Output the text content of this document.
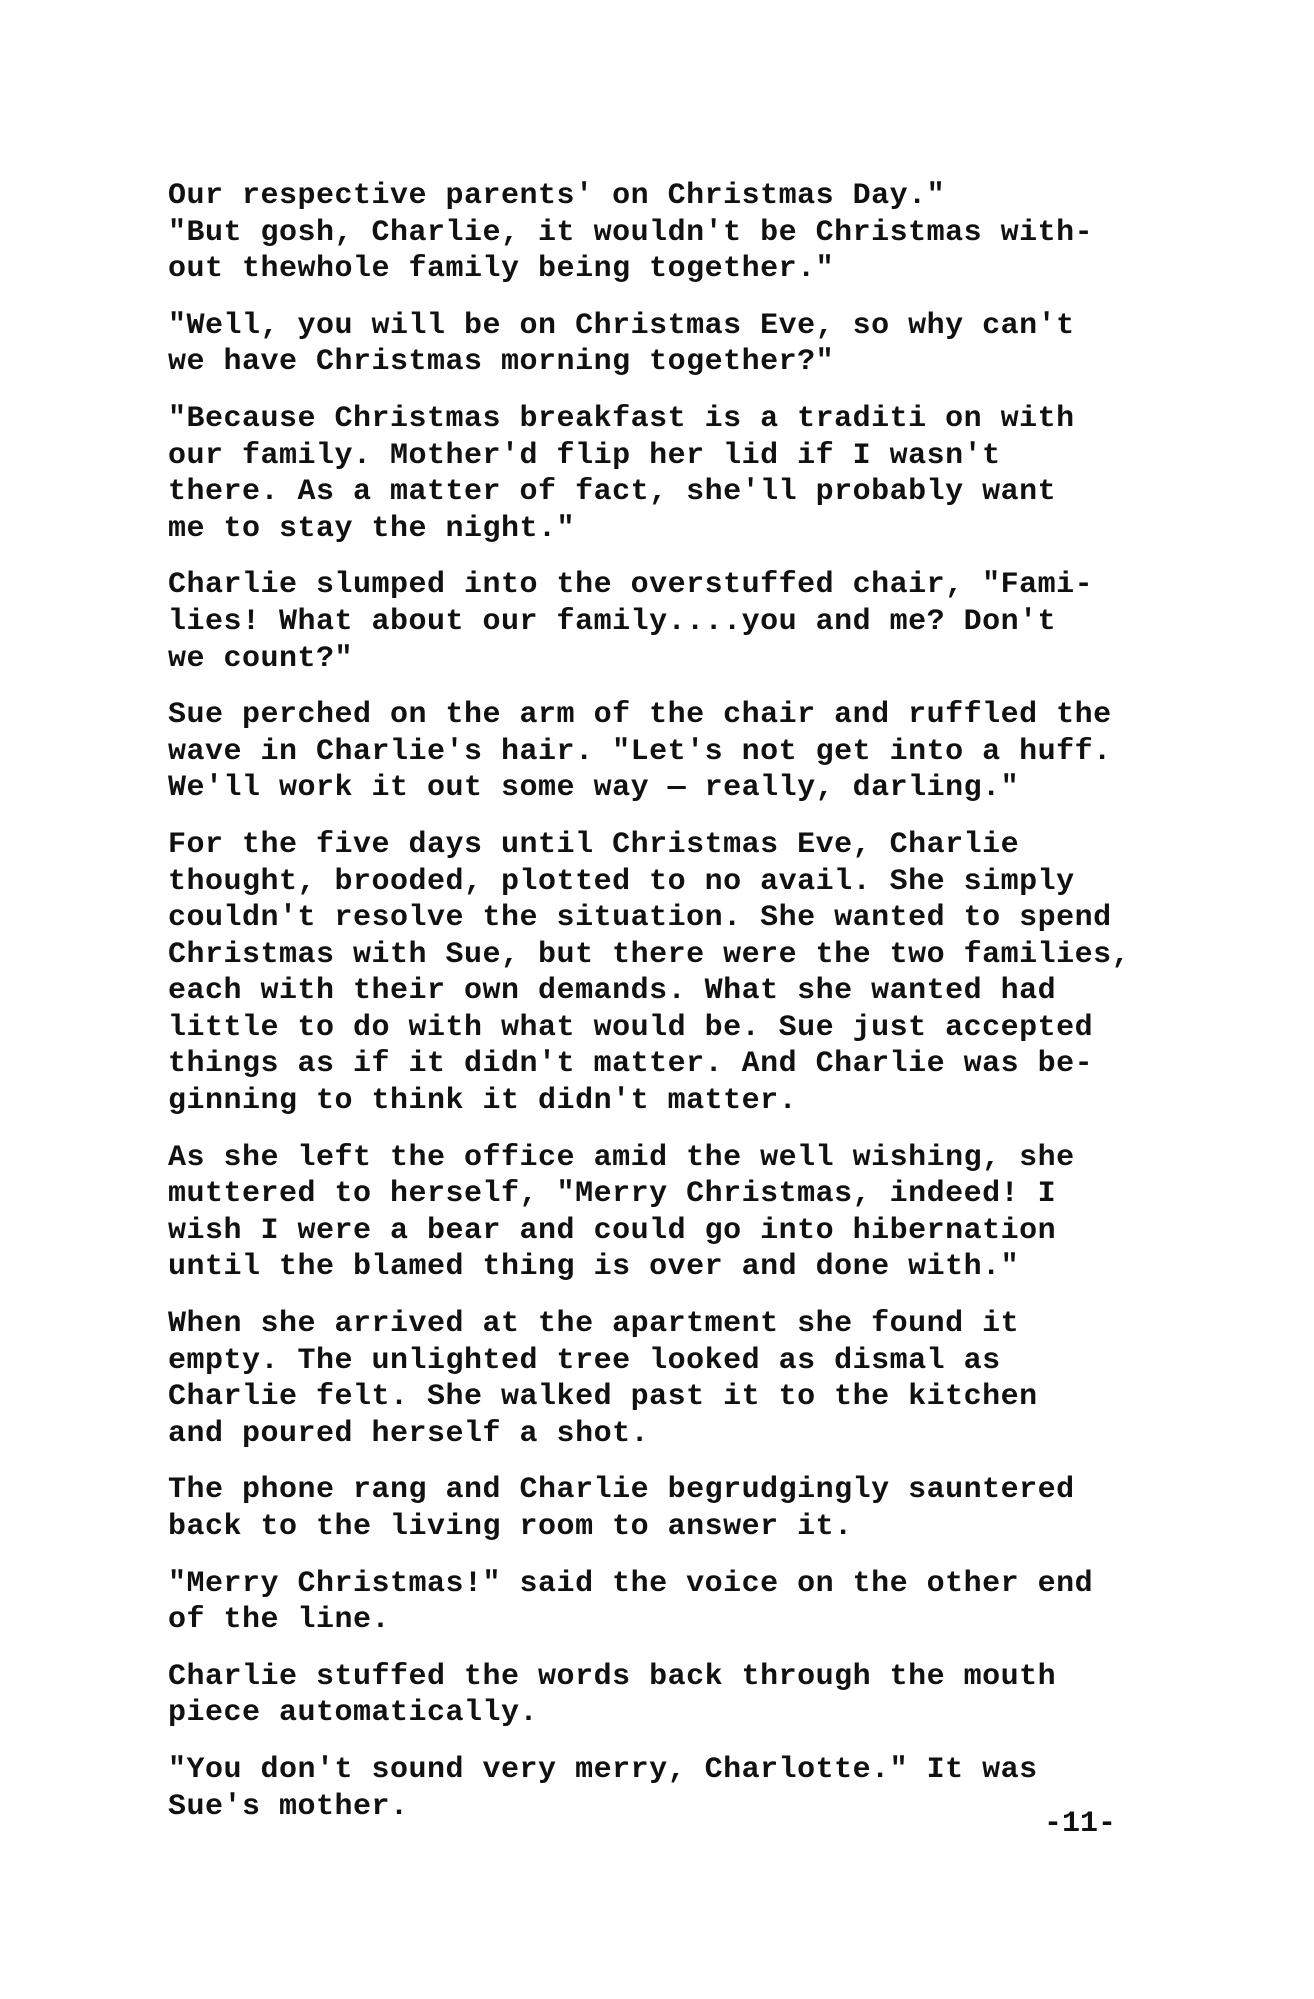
Our respective parents' on Christmas Day."
"But gosh, Charlie, it wouldn't be Christmas with-
out thewhole family being together."
"Well, you will be on Christmas Eve, so why can't
we have Christmas morning together?"
"Because Christmas breakfast is a traditi on with
our family. Mother'd flip her lid if I wasn't
there. As a matter of fact, she'll probably want
me to stay the night."
Charlie slumped into the overstuffed chair, "Fami-
lies! What about our family....you and me? Don't
we count?"
Sue perched on the arm of the chair and ruffled the
wave in Charlie's hair. "Let's not get into a huff.
We'll work it out some way — really, darling."
For the five days until Christmas Eve, Charlie
thought, brooded, plotted to no avail. She simply
couldn't resolve the situation. She wanted to spend
Christmas with Sue, but there were the two families,
each with their own demands. What she wanted had
little to do with what would be. Sue just accepted
things as if it didn't matter. And Charlie was be-
ginning to think it didn't matter.
As she left the office amid the well wishing, she
muttered to herself, "Merry Christmas, indeed! I
wish I were a bear and could go into hibernation
until the blamed thing is over and done with."
When she arrived at the apartment she found it
empty. The unlighted tree looked as dismal as
Charlie felt. She walked past it to the kitchen
and poured herself a shot.
The phone rang and Charlie begrudgingly sauntered
back to the living room to answer it.
"Merry Christmas!" said the voice on the other end
of the line.
Charlie stuffed the words back through the mouth
piece automatically.
"You don't sound very merry, Charlotte." It was
Sue's mother.
-11-
